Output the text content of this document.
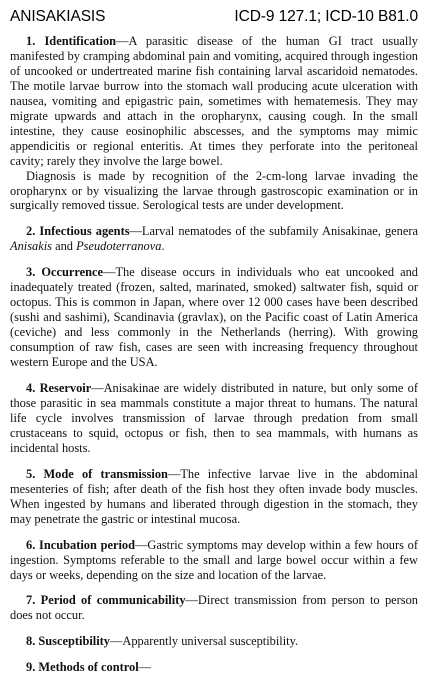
ANISAKIASIS	ICD-9 127.1; ICD-10 B81.0

1. Identification—A parasitic disease of the human GI tract usually manifested by cramping abdominal pain and vomiting, acquired through ingestion of uncooked or undertreated marine fish containing larval ascaridoid nematodes. The motile larvae burrow into the stomach wall producing acute ulceration with nausea, vomiting and epigastric pain, sometimes with hematemesis. They may migrate upwards and attach in the oropharynx, causing cough. In the small intestine, they cause eosinophilic abscesses, and the symptoms may mimic appendicitis or regional enteritis. At times they perforate into the peritoneal cavity; rarely they involve the large bowel.

Diagnosis is made by recognition of the 2-cm-long larvae invading the oropharynx or by visualizing the larvae through gastroscopic examination or in surgically removed tissue. Serological tests are under development.

2. Infectious agents—Larval nematodes of the subfamily Anisakinae, genera Anisakis and Pseudoterranova.

3. Occurrence—The disease occurs in individuals who eat uncooked and inadequately treated (frozen, salted, marinated, smoked) saltwater fish, squid or octopus. This is common in Japan, where over 12 000 cases have been described (sushi and sashimi), Scandinavia (gravlax), on the Pacific coast of Latin America (ceviche) and less commonly in the Netherlands (herring). With growing consumption of raw fish, cases are seen with increasing frequency throughout western Europe and the USA.

4. Reservoir—Anisakinae are widely distributed in nature, but only some of those parasitic in sea mammals constitute a major threat to humans. The natural life cycle involves transmission of larvae through predation from small crustaceans to squid, octopus or fish, then to sea mammals, with humans as incidental hosts.

5. Mode of transmission—The infective larvae live in the abdominal mesenteries of fish; after death of the fish host they often invade body muscles. When ingested by humans and liberated through digestion in the stomach, they may penetrate the gastric or intestinal mucosa.

6. Incubation period—Gastric symptoms may develop within a few hours of ingestion. Symptoms referable to the small and large bowel occur within a few days or weeks, depending on the size and location of the larvae.

7. Period of communicability—Direct transmission from person to person does not occur.

8. Susceptibility—Apparently universal susceptibility.

9. Methods of control—
